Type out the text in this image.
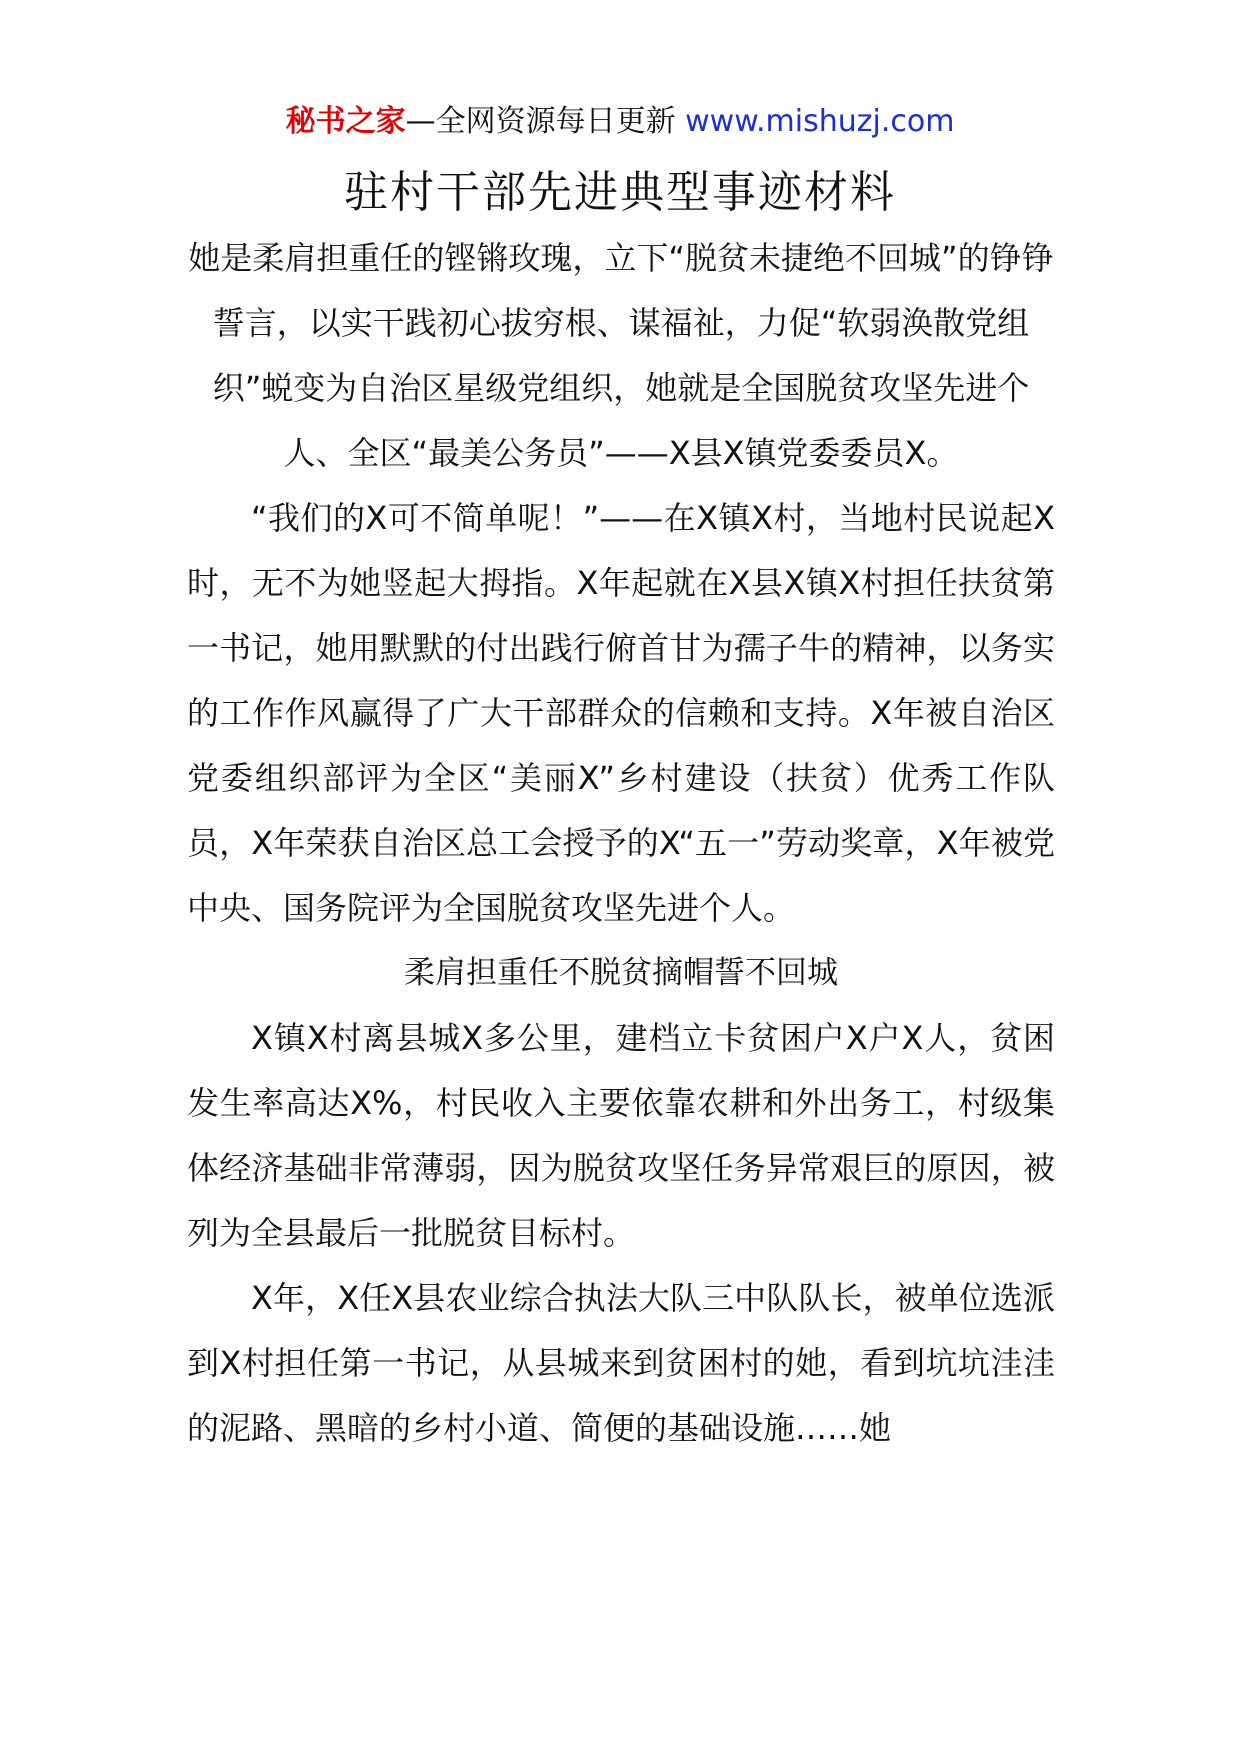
秘书之家—全网资源每日更新 www.mishuzj.com
驻村干部先进典型事迹材料

她是柔肩担重任的铿锵玫瑰，立下“脱贫未捷绝不回城”的铮铮誓言，以实干践初心拔穷根、谋福祉，力促“软弱涣散党组织”蜕变为自治区星级党组织，她就是全国脱贫攻坚先进个人、全区“最美公务员”——X县X镇党委委员X。

“我们的X可不简单呢！”——在X镇X村，当地村民说起X时，无不为她竖起大拇指。X年起就在X县X镇X村担任扶贫第一书记，她用默默的付出践行俯首甘为孺子牛的精神，以务实的工作作风赢得了广大干部群众的信赖和支持。X年被自治区党委组织部评为全区“美丽X”乡村建设（扶贫）优秀工作队员，X年荣获自治区总工会授予的X“五一”劳动奖章，X年被党中央、国务院评为全国脱贫攻坚先进个人。

柔肩担重任不脱贫摘帽誓不回城

X镇X村离县城X多公里，建档立卡贫困户X户X人，贫困发生率高达X%，村民收入主要依靠农耕和外出务工，村级集体经济基础非常薄弱，因为脱贫攻坚任务异常艰巨的原因，被列为全县最后一批脱贫目标村。

X年，X任X县农业综合执法大队三中队队长，被单位选派到X村担任第一书记，从县城来到贫困村的她，看到坑坑洼洼的泥路、黑暗的乡村小道、简便的基础设施……她
